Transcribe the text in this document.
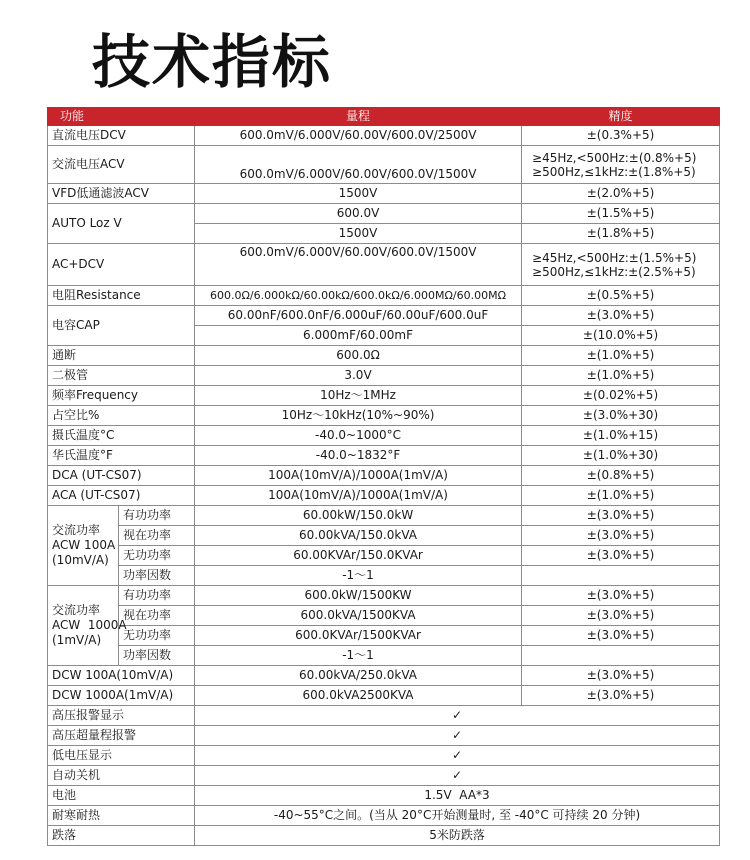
技术指标
功能		量程	精度
直流电压DCV		600.0mV/6.000V/60.00V/600.0V/2500V	±(0.3%+5)
交流电压ACV		600.0mV/6.000V/60.00V/600.0V/1500V	≥45Hz,<500Hz:±(0.8%+5)
≥500Hz,≤1kHz:±(1.8%+5)

VFD低通滤波ACV		1500V	±(2.0%+5)
AUTO Loz V		600.0V	±(1.5%+5)
		1500V	±(1.8%+5)
AC+DCV		600.0mV/6.000V/60.00V/600.0V/1500V	≥45Hz,<500Hz:±(1.5%+5)
≥500Hz,≤1kHz:±(2.5%+5)

电阻Resistance		600.0Ω/6.000kΩ/60.00kΩ/600.0kΩ/6.000MΩ/60.00MΩ	±(0.5%+5)
电容CAP		60.00nF/600.0nF/6.000uF/60.00uF/600.0uF	±(3.0%+5)
		6.000mF/60.00mF	±(10.0%+5)
通断		600.0Ω	±(1.0%+5)
二极管		3.0V	±(1.0%+5)
频率Frequency		10Hz～1MHz	±(0.02%+5)
占空比%		10Hz～10kHz(10%~90%)	±(3.0%+30)
摄氏温度°C		-40.0~1000°C	±(1.0%+15)
华氏温度°F		-40.0~1832°F	±(1.0%+30)
DCA (UT-CS07)		100A(10mV/A)/1000A(1mV/A)	±(0.8%+5)
ACA (UT-CS07)		100A(10mV/A)/1000A(1mV/A)	±(1.0%+5)

交流功率
ACW 100A
(10mV/A)	有功功率	60.00kW/150.0kW	±(3.0%+5)
	视在功率	60.00kVA/150.0kVA	±(3.0%+5)
	无功功率	60.00KVAr/150.0KVAr	±(3.0%+5)
	功率因数	-1～1	

交流功率
ACW  1000A
(1mV/A)	有功功率	600.0kW/1500KW	±(3.0%+5)
	视在功率	600.0kVA/1500KVA	±(3.0%+5)
	无功功率	600.0KVAr/1500KVAr	±(3.0%+5)
	功率因数	-1～1	
DCW 100A(10mV/A)		60.00kVA/250.0kVA	±(3.0%+5)
DCW 1000A(1mV/A)		600.0kVA2500KVA	±(3.0%+5)
高压报警显示		✓	
高压超量程报警		✓	
低电压显示		✓	
自动关机		✓	
电池		1.5V  AA*3	
耐寒耐热		-40~55°C之间。(当从 20°C开始测量时, 至 -40°C 可持续 20 分钟)	
跌落		5米防跌落	
